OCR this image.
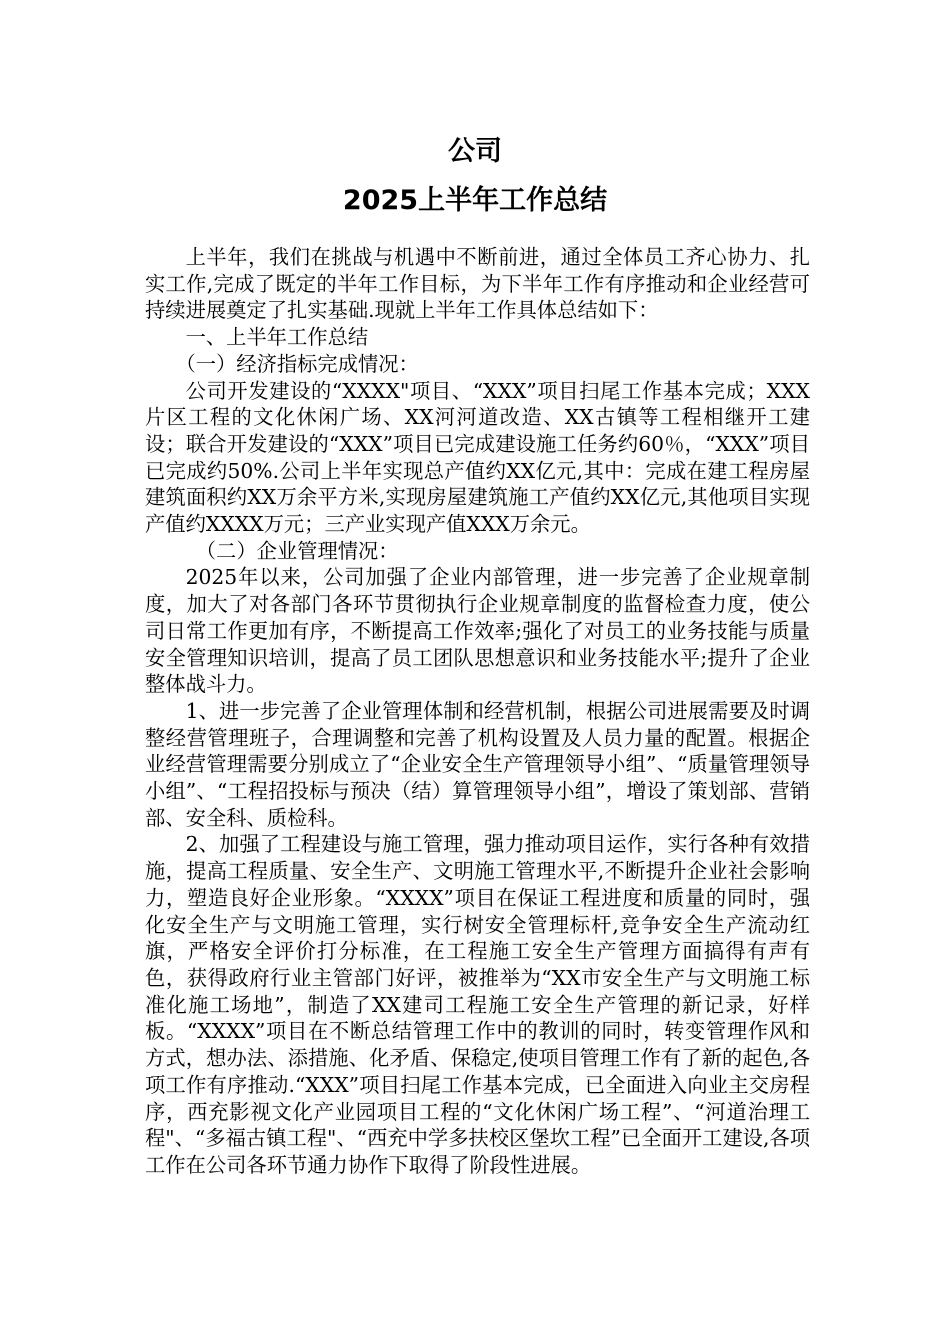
公司
2025上半年工作总结

上半年，我们在挑战与机遇中不断前进，通过全体员工齐心协力、扎实工作,完成了既定的半年工作目标，为下半年工作有序推动和企业经营可持续进展奠定了扎实基础.现就上半年工作具体总结如下：

一、上半年工作总结

（一）经济指标完成情况：

公司开发建设的“XXXX"项目、“XXX”项目扫尾工作基本完成；XXX片区工程的文化休闲广场、XX河河道改造、XX古镇等工程相继开工建设；联合开发建设的“XXX”项目已完成建设施工任务约60％，“XXX”项目已完成约50%.公司上半年实现总产值约XX亿元,其中：完成在建工程房屋建筑面积约XX万余平方米,实现房屋建筑施工产值约XX亿元,其他项目实现产值约XXXX万元；三产业实现产值XXX万余元。

（二）企业管理情况：

2025年以来，公司加强了企业内部管理，进一步完善了企业规章制度，加大了对各部门各环节贯彻执行企业规章制度的监督检查力度，使公司日常工作更加有序，不断提高工作效率;强化了对员工的业务技能与质量安全管理知识培训，提高了员工团队思想意识和业务技能水平;提升了企业整体战斗力。

1、进一步完善了企业管理体制和经营机制，根据公司进展需要及时调整经营管理班子，合理调整和完善了机构设置及人员力量的配置。根据企业经营管理需要分别成立了“企业安全生产管理领导小组”、“质量管理领导小组”、“工程招投标与预决（结）算管理领导小组”，增设了策划部、营销部、安全科、质检科。

2、加强了工程建设与施工管理，强力推动项目运作，实行各种有效措施，提高工程质量、安全生产、文明施工管理水平,不断提升企业社会影响力，塑造良好企业形象。“XXXX”项目在保证工程进度和质量的同时，强化安全生产与文明施工管理，实行树安全管理标杆,竞争安全生产流动红旗，严格安全评价打分标准，在工程施工安全生产管理方面搞得有声有色，获得政府行业主管部门好评，被推举为“XX市安全生产与文明施工标准化施工场地”，制造了XX建司工程施工安全生产管理的新记录，好样板。“XXXX”项目在不断总结管理工作中的教训的同时，转变管理作风和方式，想办法、添措施、化矛盾、保稳定,使项目管理工作有了新的起色,各项工作有序推动.“XXX”项目扫尾工作基本完成，已全面进入向业主交房程序，西充影视文化产业园项目工程的“文化休闲广场工程”、“河道治理工程"、“多福古镇工程"、“西充中学多扶校区堡坎工程”已全面开工建设,各项工作在公司各环节通力协作下取得了阶段性进展。
